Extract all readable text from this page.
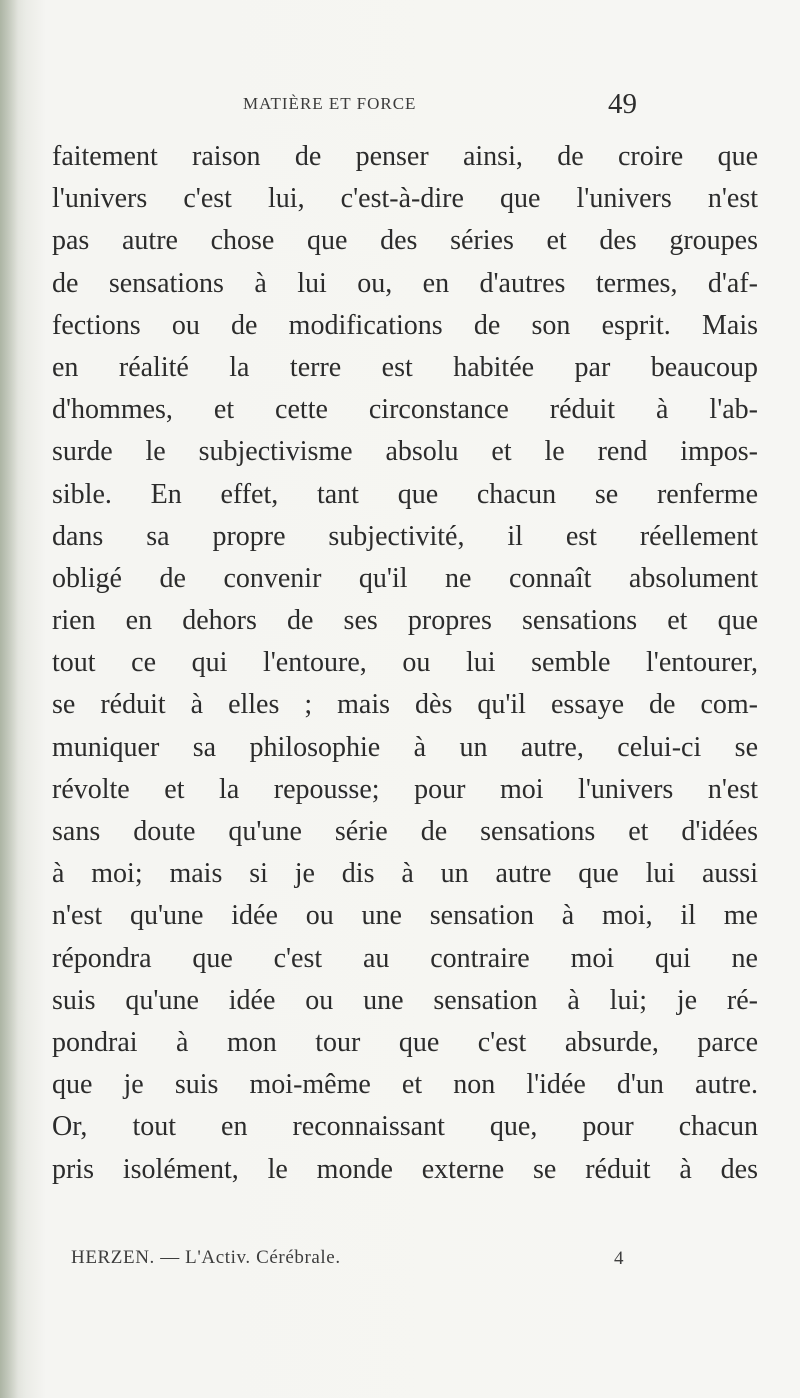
MATIÈRE ET FORCE	49
faitement raison de penser ainsi, de croire que
l'univers c'est lui, c'est-à-dire que l'univers n'est
pas autre chose que des séries et des groupes
de sensations à lui ou, en d'autres termes, d'af-
fections ou de modifications de son esprit. Mais
en réalité la terre est habitée par beaucoup
d'hommes, et cette circonstance réduit à l'ab-
surde le subjectivisme absolu et le rend impos-
sible. En effet, tant que chacun se renferme
dans sa propre subjectivité, il est réellement
obligé de convenir qu'il ne connaît absolument
rien en dehors de ses propres sensations et que
tout ce qui l'entoure, ou lui semble l'entourer,
se réduit à elles ; mais dès qu'il essaye de com-
muniquer sa philosophie à un autre, celui-ci se
révolte et la repousse; pour moi l'univers n'est
sans doute qu'une série de sensations et d'idées
à moi; mais si je dis à un autre que lui aussi
n'est qu'une idée ou une sensation à moi, il me
répondra que c'est au contraire moi qui ne
suis qu'une idée ou une sensation à lui; je ré-
pondrai à mon tour que c'est absurde, parce
que je suis moi-même et non l'idée d'un autre.
Or, tout en reconnaissant que, pour chacun
pris isolément, le monde externe se réduit à des
HERZEN. — L'Activ. Cérébrale.	4
